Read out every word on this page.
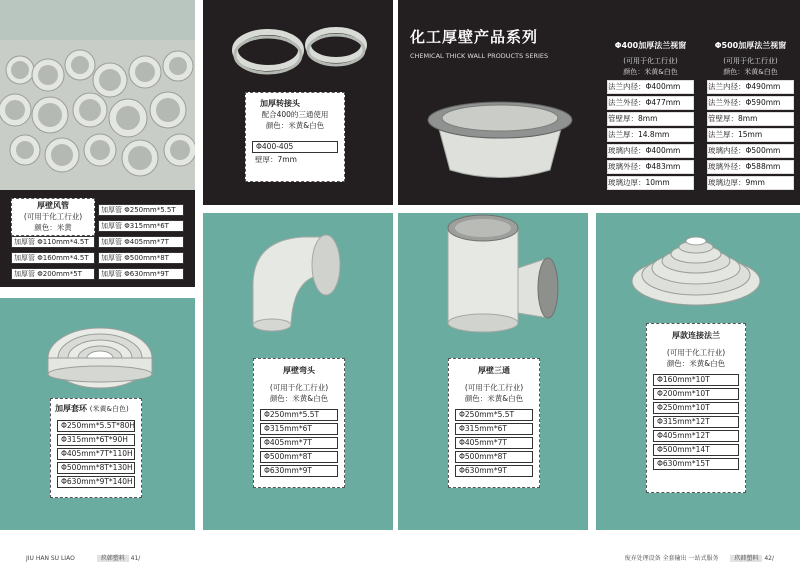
厚壁风管
(可用于化工行业)
颜色：米黄
加厚管 Φ250mm*5.5T
加厚管 Φ315mm*6T
加厚管 Φ110mm*4.5T	加厚管 Φ405mm*7T
加厚管 Φ160mm*4.5T	加厚管 Φ500mm*8T
加厚管 Φ200mm*5T	加厚管 Φ630mm*9T
加厚转接头
配合400的三通使用
颜色：米黄&白色
Φ400-405
壁厚：7mm
加厚套环 (米黄&白色)
Φ250mm*5.5T*80H
Φ315mm*6T*90H
Φ405mm*7T*110H
Φ500mm*8T*130H
Φ630mm*9T*140H
厚壁弯头
(可用于化工行业)
颜色：米黄&白色
Φ250mm*5.5T
Φ315mm*6T
Φ405mm*7T
Φ500mm*8T
Φ630mm*9T
JIU HAN SU LIAO	玖韩塑料 41/
化工厚壁产品系列
CHEMICAL THICK WALL PRODUCTS SERIES
Φ400加厚法兰视窗
(可用于化工行业)
颜色：米黄&白色
法兰内径：Φ400mm
法兰外径：Φ477mm
管壁厚：8mm
法兰厚：14.8mm
玻璃内径：Φ400mm
玻璃外径：Φ483mm
玻璃边厚：10mm
Φ500加厚法兰视窗
(可用于化工行业)
颜色：米黄&白色
法兰内径：Φ490mm
法兰外径：Φ590mm
管壁厚：8mm
法兰厚：15mm
玻璃内径：Φ500mm
玻璃外径：Φ588mm
玻璃边厚：9mm
厚壁三通
(可用于化工行业)
颜色：米黄&白色
Φ250mm*5.5T
Φ315mm*6T
Φ405mm*7T
Φ500mm*8T
Φ630mm*9T
厚款连接法兰
(可用于化工行业)
颜色：米黄&白色
Φ160mm*10T
Φ200mm*10T
Φ250mm*10T
Φ315mm*12T
Φ405mm*12T
Φ500mm*14T
Φ630mm*15T
废弃处理设备 全套输出 一站式服务	玖韩塑料 42/
